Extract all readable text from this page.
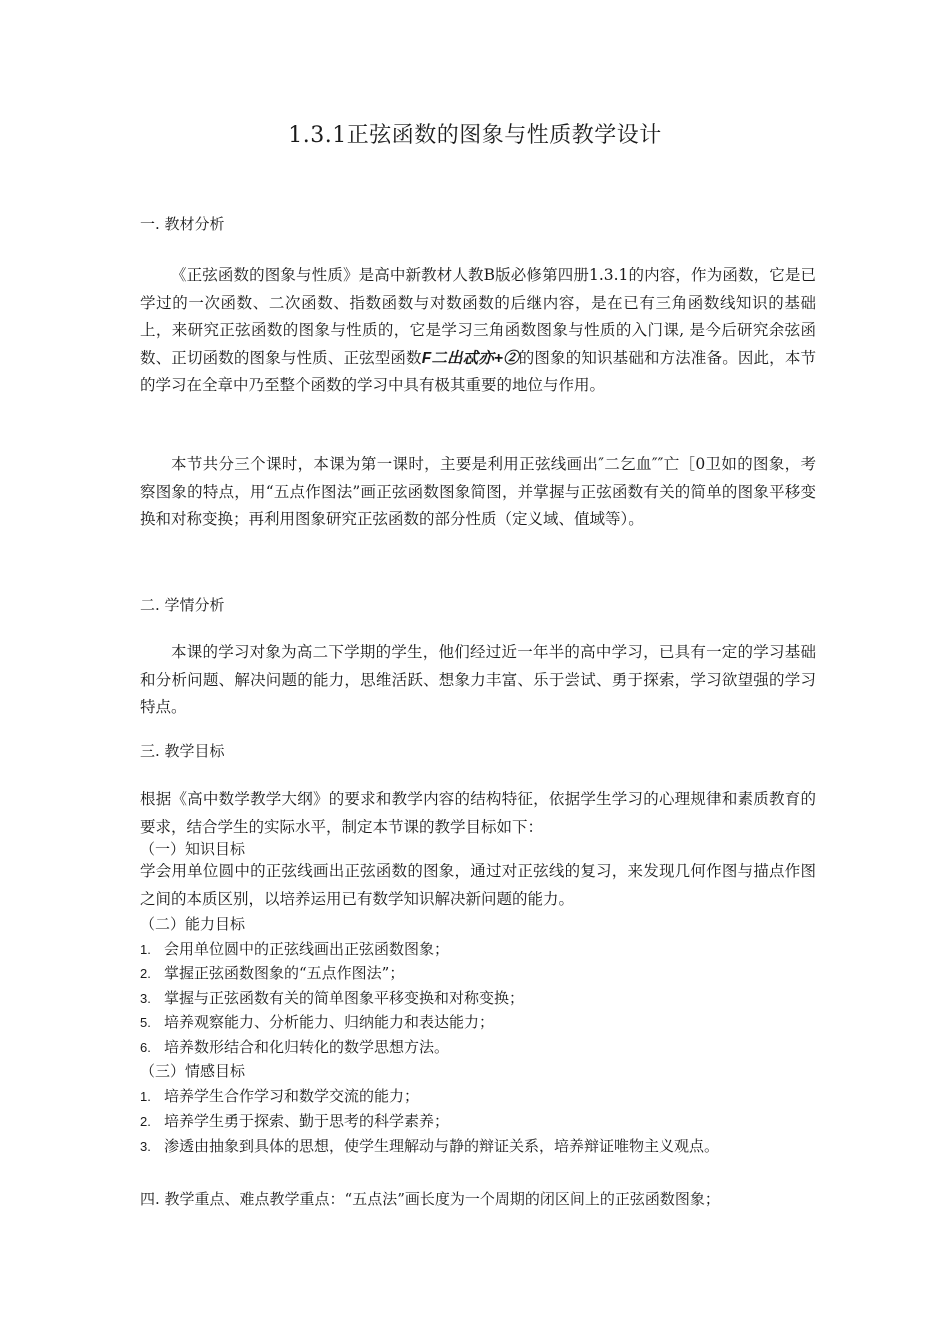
1.3.1正弦函数的图象与性质教学设计
一. 教材分析

《正弦函数的图象与性质》是高中新教材人教B版必修第四册1.3.1的内容，作为函数，它是已学过的一次函数、二次函数、指数函数与对数函数的后继内容，是在已有三角函数线知识的基础上，来研究正弦函数的图象与性质的，它是学习三角函数图象与性质的入门课, 是今后研究余弦函数、正切函数的图象与性质、正弦型函数F二出忒亦+②的图象的知识基础和方法准备。因此，本节的学习在全章中乃至整个函数的学习中具有极其重要的地位与作用。

本节共分三个课时，本课为第一课时，主要是利用正弦线画出″二乞血″″亡［0卫如的图象，考察图象的特点，用“五点作图法”画正弦函数图象简图，并掌握与正弦函数有关的简单的图象平移变换和对称变换；再利用图象研究正弦函数的部分性质（定义域、值域等）。

二. 学情分析

本课的学习对象为高二下学期的学生，他们经过近一年半的高中学习，已具有一定的学习基础和分析问题、解决问题的能力，思维活跃、想象力丰富、乐于尝试、勇于探索，学习欲望强的学习特点。

三. 教学目标

根据《高中数学教学大纲》的要求和教学内容的结构特征，依据学生学习的心理规律和素质教育的要求，结合学生的实际水平，制定本节课的教学目标如下：

（一）知识目标

学会用单位圆中的正弦线画出正弦函数的图象，通过对正弦线的复习，来发现几何作图与描点作图之间的本质区别，以培养运用已有数学知识解决新问题的能力。

（二）能力目标
1. 会用单位圆中的正弦线画出正弦函数图象；
2. 掌握正弦函数图象的“五点作图法”；
3. 掌握与正弦函数有关的简单图象平移变换和对称变换；
5. 培养观察能力、分析能力、归纳能力和表达能力；
6. 培养数形结合和化归转化的数学思想方法。
（三）情感目标
1. 培养学生合作学习和数学交流的能力；
2. 培养学生勇于探索、勤于思考的科学素养；
3. 渗透由抽象到具体的思想，使学生理解动与静的辩证关系，培养辩证唯物主义观点。
四. 教学重点、难点教学重点：“五点法”画长度为一个周期的闭区间上的正弦函数图象；
